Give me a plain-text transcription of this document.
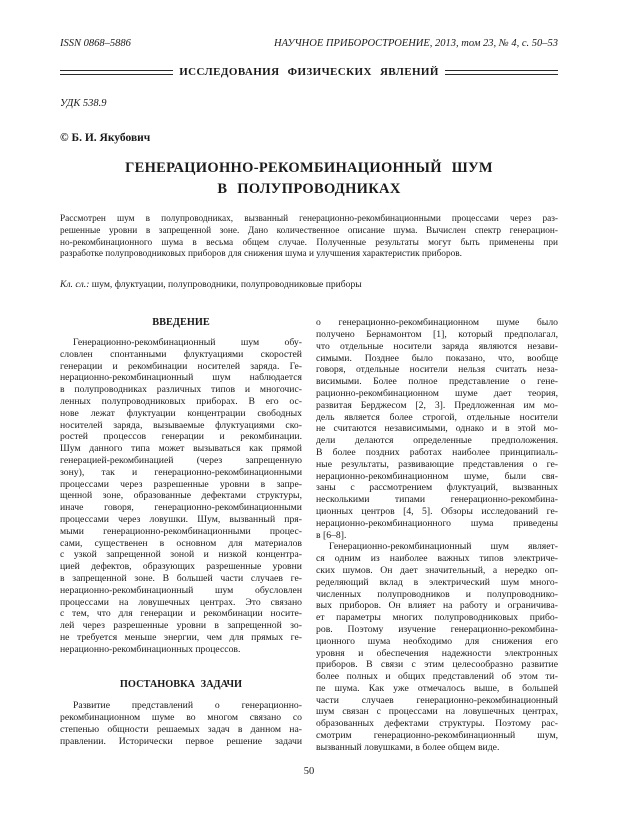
ISSN 0868–5886	НАУЧНОЕ ПРИБОРОСТРОЕНИЕ, 2013, том 23, № 4, с. 50–53
ИССЛЕДОВАНИЯ ФИЗИЧЕСКИХ ЯВЛЕНИЙ
УДК 538.9
© Б. И. Якубович
ГЕНЕРАЦИОННО-РЕКОМБИНАЦИОННЫЙ ШУМ
В ПОЛУПРОВОДНИКАХ
Рассмотрен шум в полупроводниках, вызванный генерационно-рекомбинационными процессами через раз-
решенные уровни в запрещенной зоне. Дано количественное описание шума. Вычислен спектр генерацион-
но-рекомбинационного шума в весьма общем случае. Полученные результаты могут быть применены при
разработке полупроводниковых приборов для снижения шума и улучшения характеристик приборов.
Кл. сл.: шум, флуктуации, полупроводники, полупроводниковые приборы
ВВЕДЕНИЕ
Генерационно-рекомбинационный шум обу-
словлен спонтанными флуктуациями скоростей
генерации и рекомбинации носителей заряда. Ге-
нерационно-рекомбинационный шум наблюдается
в полупроводниках различных типов и многочис-
ленных полупроводниковых приборах. В его ос-
нове лежат флуктуации концентрации свободных
носителей заряда, вызываемые флуктуациями ско-
ростей процессов генерации и рекомбинации.
Шум данного типа может вызываться как прямой
генерацией-рекомбинацией (через запрещенную
зону), так и генерационно-рекомбинационными
процессами через разрешенные уровни в запре-
щенной зоне, образованные дефектами структуры,
иначе говоря, генерационно-рекомбинационными
процессами через ловушки. Шум, вызванный пря-
мыми генерационно-рекомбинационными процес-
сами, существенен в основном для материалов
с узкой запрещенной зоной и низкой концентра-
цией дефектов, образующих разрешенные уровни
в запрещенной зоне. В большей части случаев ге-
нерационно-рекомбинационный шум обусловлен
процессами на ловушечных центрах. Это связано
с тем, что для генерации и рекомбинации носите-
лей через разрешенные уровни в запрещенной зо-
не требуется меньше энергии, чем для прямых ге-
нерационно-рекомбинационных процессов.
ПОСТАНОВКА ЗАДАЧИ
Развитие представлений о генерационно-
рекомбинационном шуме во многом связано со
степенью общности решаемых задач в данном на-
правлении. Исторически первое решение задачи
о генерационно-рекомбинационном шуме было
получено Бернамонтом [1], который предполагал,
что отдельные носители заряда являются незави-
симыми. Позднее было показано, что, вообще
говоря, отдельные носители нельзя считать неза-
висимыми. Более полное представление о гене-
рационно-рекомбинационном шуме дает теория,
развитая Берджесом [2, 3]. Предложенная им мо-
дель является более строгой, отдельные носители
не считаются независимыми, однако и в этой мо-
дели делаются определенные предположения.
В более поздних работах наиболее принципиаль-
ные результаты, развивающие представления о ге-
нерационно-рекомбинационном шуме, были свя-
заны с рассмотрением флуктуаций, вызванных
несколькими типами генерационно-рекомбина-
ционных центров [4, 5]. Обзоры исследований ге-
нерационно-рекомбинационного шума приведены
в [6–8].
Генерационно-рекомбинационный шум являет-
ся одним из наиболее важных типов электриче-
ских шумов. Он дает значительный, а нередко оп-
ределяющий вклад в электрический шум много-
численных полупроводников и полупроводнико-
вых приборов. Он влияет на работу и ограничива-
ет параметры многих полупроводниковых прибо-
ров. Поэтому изучение генерационно-рекомбина-
ционного шума необходимо для снижения его
уровня и обеспечения надежности электронных
приборов. В связи с этим целесообразно развитие
более полных и общих представлений об этом ти-
пе шума. Как уже отмечалось выше, в большей
части случаев генерационно-рекомбинационный
шум связан с процессами на ловушечных центрах,
образованных дефектами структуры. Поэтому рас-
смотрим генерационно-рекомбинационный шум,
вызванный ловушками, в более общем виде.
50
